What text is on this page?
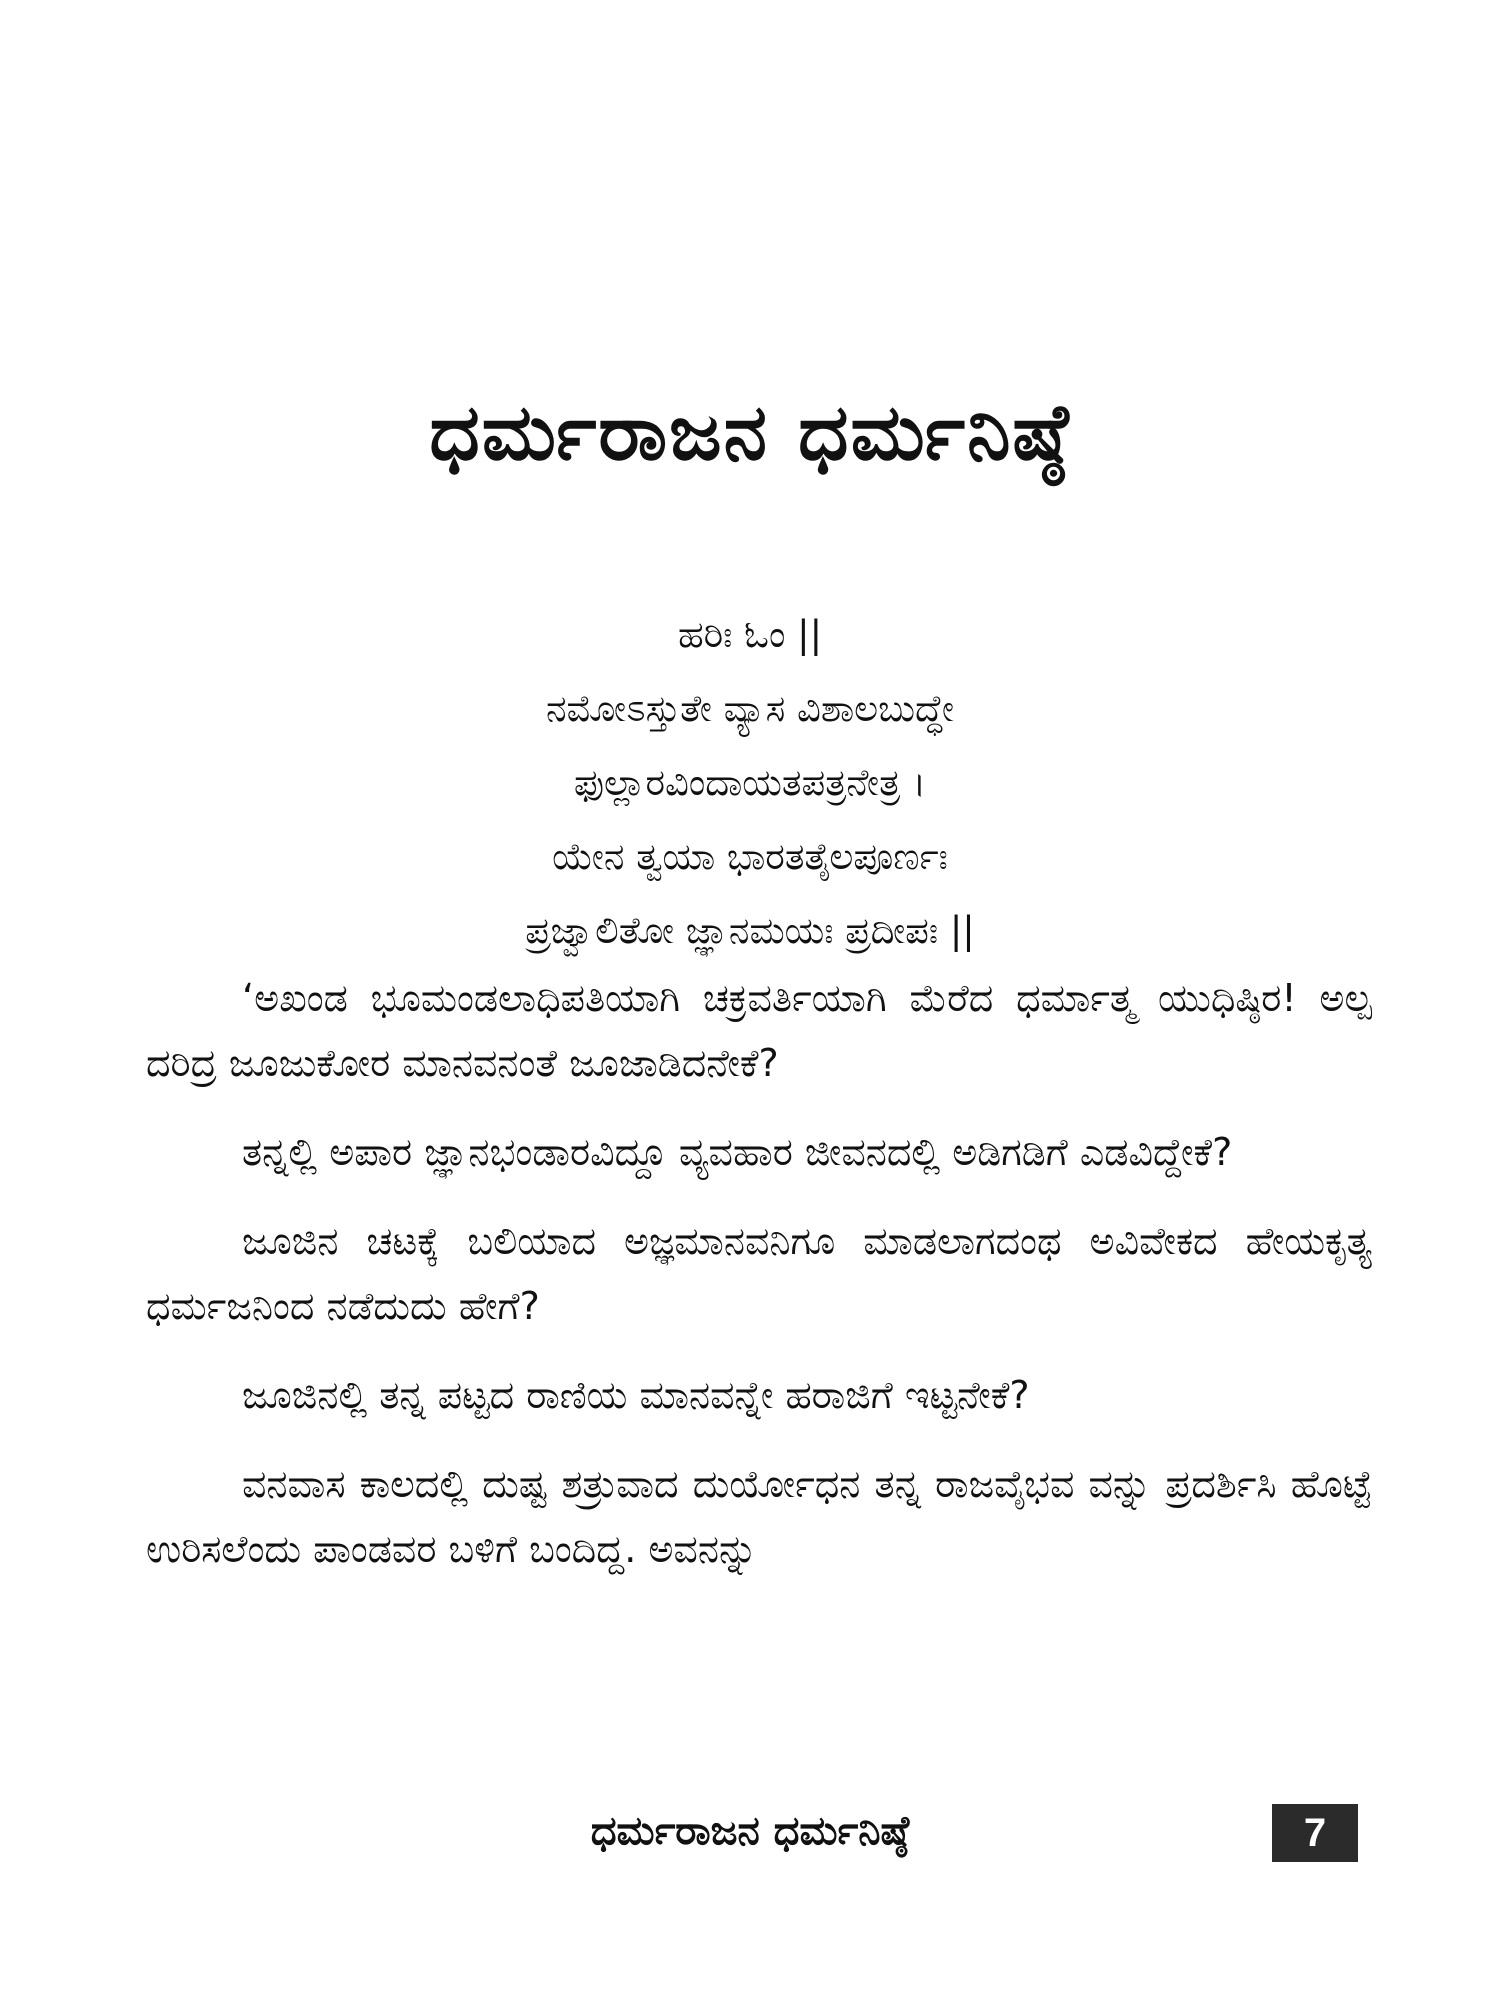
ಧರ್ಮರಾಜನ ಧರ್ಮನಿಷ್ಠೆ
ಹರಿಃ ಓಂ ||
ನಮೋಽಸ್ತುತೇ ವ್ಯಾಸ ವಿಶಾಲಬುದ್ಧೇ
ಫುಲ್ಲಾರವಿಂದಾಯತಪತ್ರನೇತ್ರ ।
ಯೇನ ತ್ವಯಾ ಭಾರತತೈಲಪೂರ್ಣಃ
ಪ್ರಜ್ವಾಲಿತೋ ಜ್ಞಾನಮಯಃ ಪ್ರದೀಪಃ ||

‘ಅಖಂಡ ಭೂಮಂಡಲಾಧಿಪತಿಯಾಗಿ ಚಕ್ರವರ್ತಿಯಾಗಿ ಮೆರೆದ ಧರ್ಮಾತ್ಮ ಯುಧಿಷ್ಠಿರ! ಅಲ್ಪ ದರಿದ್ರ ಜೂಜುಕೋರ ಮಾನವನಂತೆ ಜೂಜಾಡಿದನೇಕೆ?

ತನ್ನಲ್ಲಿ ಅಪಾರ ಜ್ಞಾನಭಂಡಾರವಿದ್ದೂ ವ್ಯವಹಾರ ಜೀವನದಲ್ಲಿ ಅಡಿಗಡಿಗೆ ಎಡವಿದ್ದೇಕೆ?

ಜೂಜಿನ ಚಟಕ್ಕೆ ಬಲಿಯಾದ ಅಜ್ಞಮಾನವನಿಗೂ ಮಾಡಲಾಗದಂಥ ಅವಿವೇಕದ ಹೇಯಕೃತ್ಯ ಧರ್ಮಜನಿಂದ ನಡೆದುದು ಹೇಗೆ?

ಜೂಜಿನಲ್ಲಿ ತನ್ನ ಪಟ್ಟದ ರಾಣಿಯ ಮಾನವನ್ನೇ ಹರಾಜಿಗೆ ಇಟ್ಟನೇಕೆ?

ವನವಾಸ ಕಾಲದಲ್ಲಿ ದುಷ್ಟ ಶತ್ರುವಾದ ದುರ್ಯೋಧನ ತನ್ನ ರಾಜವೈಭವ ವನ್ನು ಪ್ರದರ್ಶಿಸಿ ಹೊಟ್ಟೆ ಉರಿಸಲೆಂದು ಪಾಂಡವರ ಬಳಿಗೆ ಬಂದಿದ್ದ. ಅವನನ್ನು

ಧರ್ಮರಾಜನ ಧರ್ಮನಿಷ್ಠೆ	7
